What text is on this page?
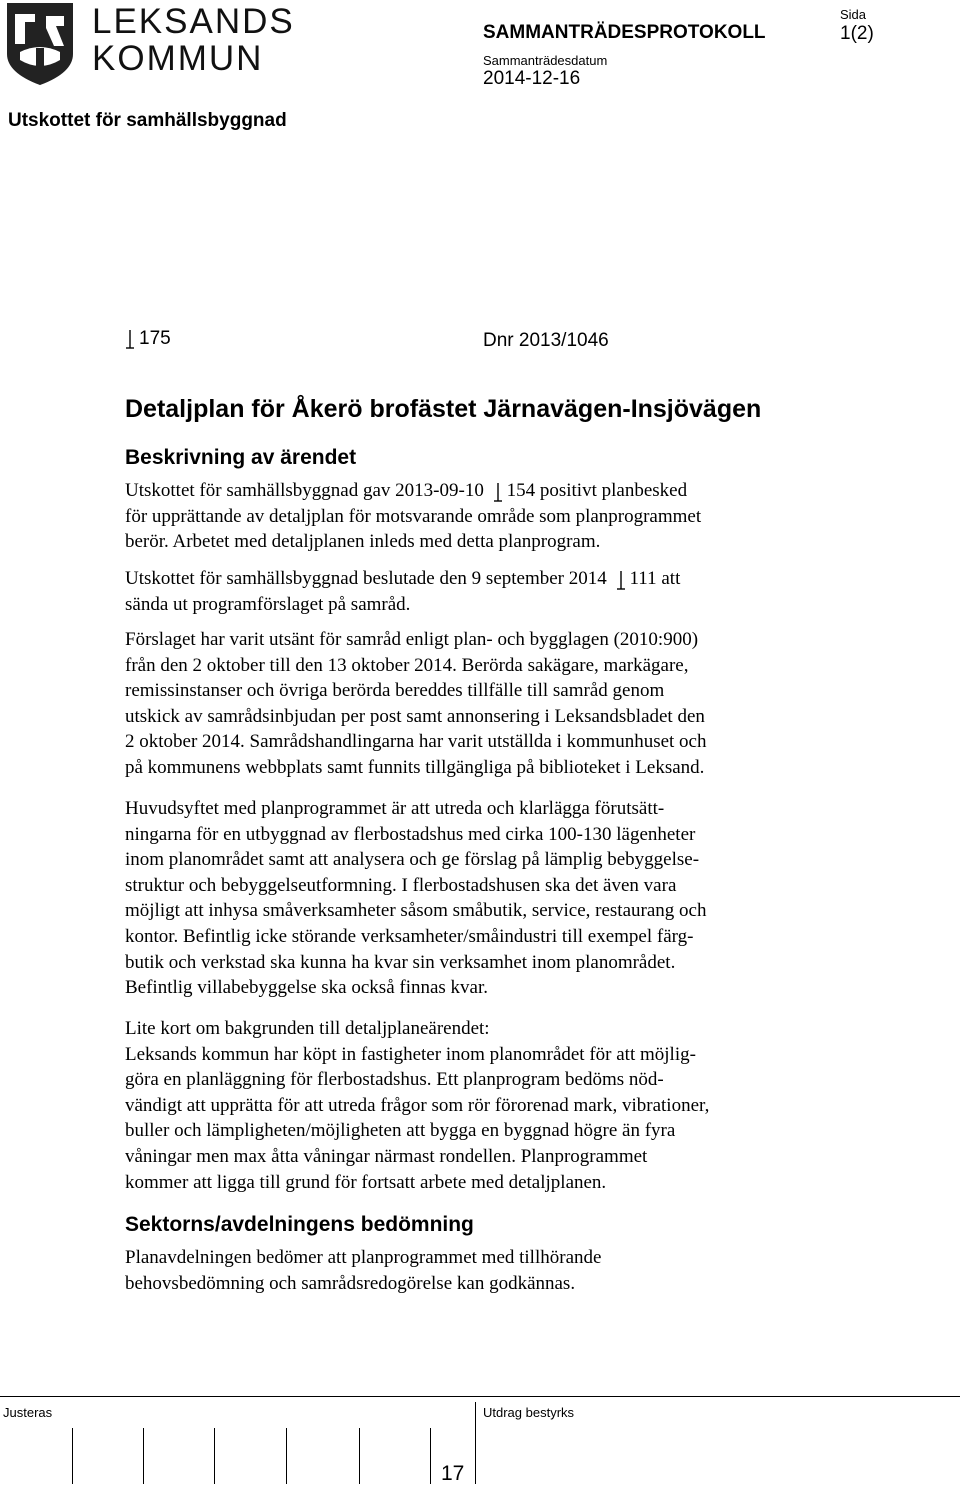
LEKSANDS
KOMMUN
SAMMANTRÄDESPROTOKOLL
Sammanträdesdatum
2014-12-16
Sida
1(2)
Utskottet för samhällsbyggnad
175	Dnr 2013/1046
Detaljplan för Åkerö brofästet Järnavägen-Insjövägen
Beskrivning av ärendet
Utskottet för samhällsbyggnad gav 2013-09-10 154 positivt planbesked
för upprättande av detaljplan för motsvarande område som planprogrammet
berör. Arbetet med detaljplanen inleds med detta planprogram.
Utskottet för samhällsbyggnad beslutade den 9 september 2014 111 att
sända ut programförslaget på samråd.
Förslaget har varit utsänt för samråd enligt plan- och bygglagen (2010:900)
från den 2 oktober till den 13 oktober 2014. Berörda sakägare, markägare,
remissinstanser och övriga berörda bereddes tillfälle till samråd genom
utskick av samrådsinbjudan per post samt annonsering i Leksandsbladet den
2 oktober 2014. Samrådshandlingarna har varit utställda i kommunhuset och
på kommunens webbplats samt funnits tillgängliga på biblioteket i Leksand.
Huvudsyftet med planprogrammet är att utreda och klarlägga förutsätt-
ningarna för en utbyggnad av flerbostadshus med cirka 100-130 lägenheter
inom planområdet samt att analysera och ge förslag på lämplig bebyggelse-
struktur och bebyggelseutformning. I flerbostadshusen ska det även vara
möjligt att inhysa småverksamheter såsom småbutik, service, restaurang och
kontor. Befintlig icke störande verksamheter/småindustri till exempel färg-
butik och verkstad ska kunna ha kvar sin verksamhet inom planområdet.
Befintlig villabebyggelse ska också finnas kvar.
Lite kort om bakgrunden till detaljplaneärendet:
Leksands kommun har köpt in fastigheter inom planområdet för att möjlig-
göra en planläggning för flerbostadshus. Ett planprogram bedöms nöd-
vändigt att upprätta för att utreda frågor som rör förorenad mark, vibrationer,
buller och lämpligheten/möjligheten att bygga en byggnad högre än fyra
våningar men max åtta våningar närmast rondellen. Planprogrammet
kommer att ligga till grund för fortsatt arbete med detaljplanen.
Sektorns/avdelningens bedömning
Planavdelningen bedömer att planprogrammet med tillhörande
behovsbedömning och samrådsredogörelse kan godkännas.
Justeras	Utdrag bestyrks
17
